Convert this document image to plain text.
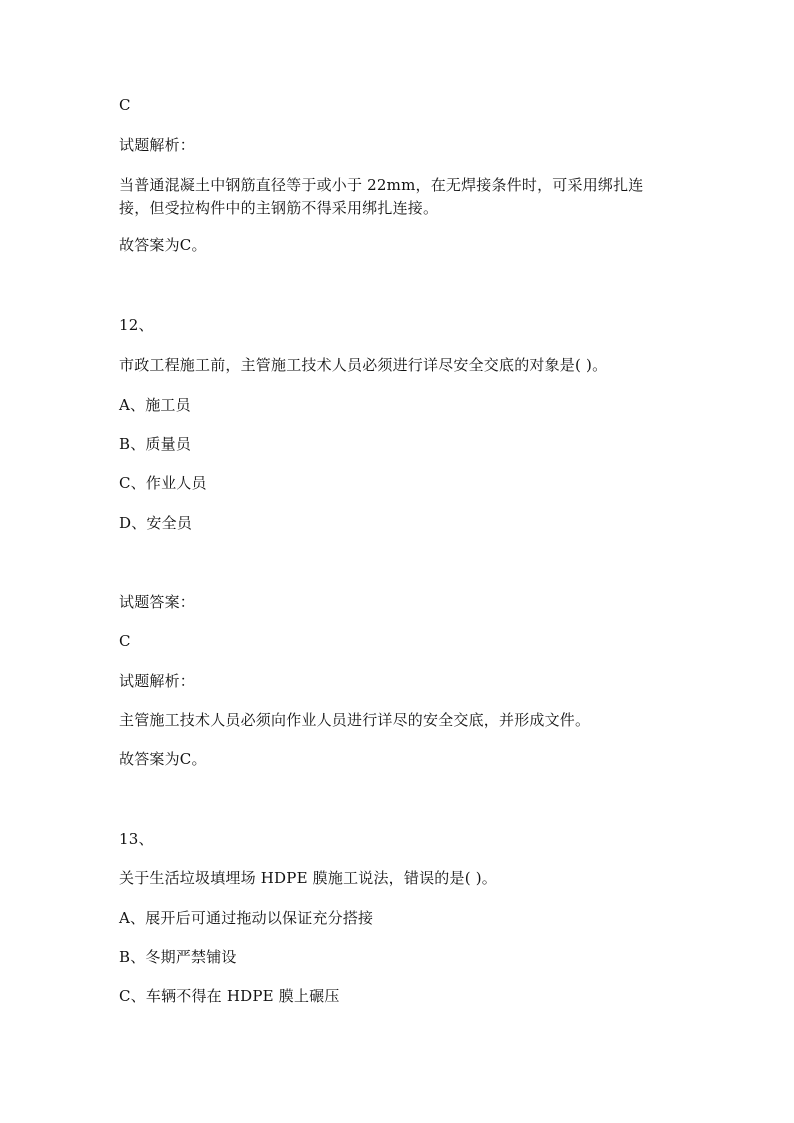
C
试题解析：
当普通混凝土中钢筋直径等于或小于 22mm，在无焊接条件时，可采用绑扎连
接，但受拉构件中的主钢筋不得采用绑扎连接。
故答案为C。
12、
市政工程施工前，主管施工技术人员必须进行详尽安全交底的对象是( )。
A、施工员
B、质量员
C、作业人员
D、安全员
试题答案：
C
试题解析：
主管施工技术人员必须向作业人员进行详尽的安全交底，并形成文件。
故答案为C。
13、
关于生活垃圾填埋场 HDPE 膜施工说法，错误的是( )。
A、展开后可通过拖动以保证充分搭接
B、冬期严禁铺设
C、车辆不得在 HDPE 膜上碾压
